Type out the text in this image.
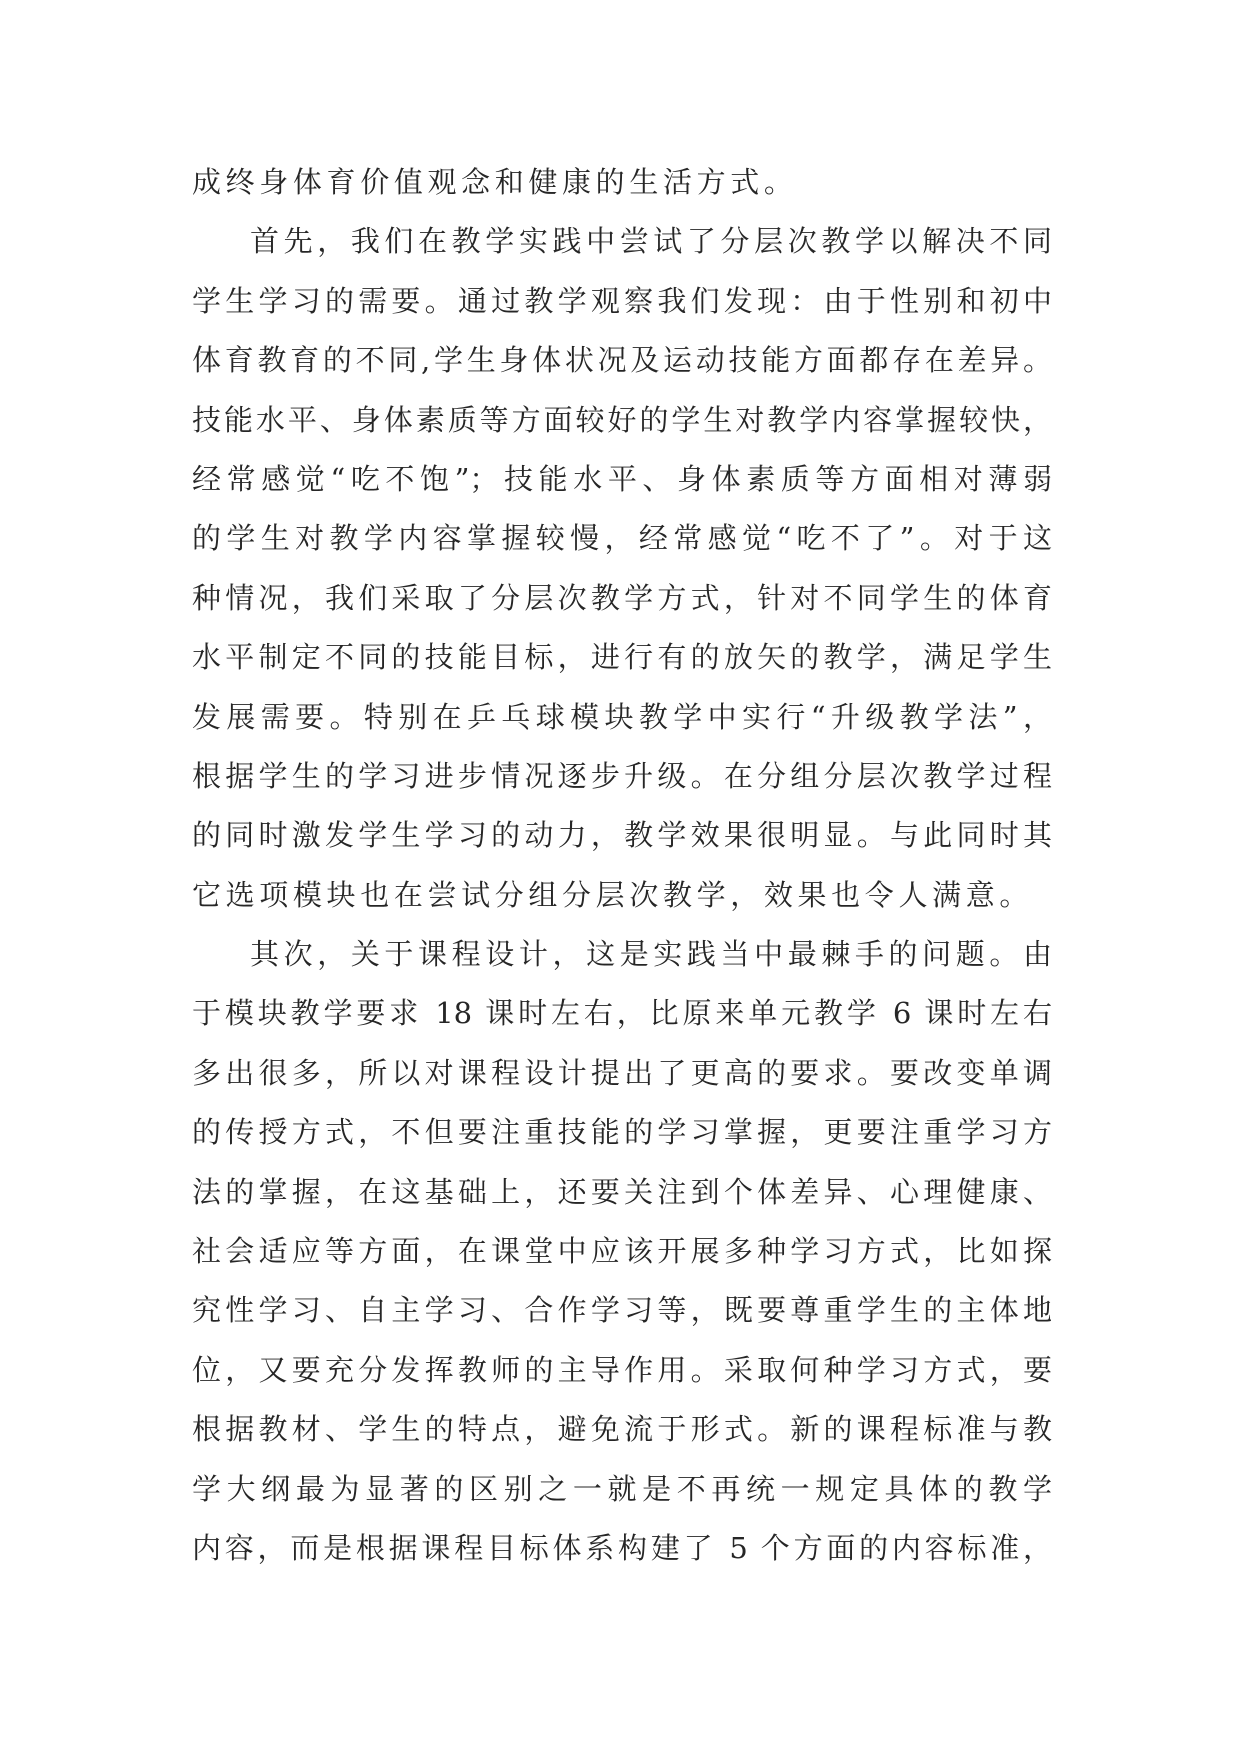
成终身体育价值观念和健康的生活方式。
首先，我们在教学实践中尝试了分层次教学以解决不同
学生学习的需要。通过教学观察我们发现：由于性别和初中
体育教育的不同,学生身体状况及运动技能方面都存在差异。
技能水平、身体素质等方面较好的学生对教学内容掌握较快，
经常感觉“吃不饱”；技能水平、身体素质等方面相对薄弱
的学生对教学内容掌握较慢，经常感觉“吃不了”。对于这
种情况，我们采取了分层次教学方式，针对不同学生的体育
水平制定不同的技能目标，进行有的放矢的教学，满足学生
发展需要。特别在乒乓球模块教学中实行“升级教学法”，
根据学生的学习进步情况逐步升级。在分组分层次教学过程
的同时激发学生学习的动力，教学效果很明显。与此同时其
它选项模块也在尝试分组分层次教学，效果也令人满意。
其次，关于课程设计，这是实践当中最棘手的问题。由
于模块教学要求 18 课时左右，比原来单元教学 6 课时左右
多出很多，所以对课程设计提出了更高的要求。要改变单调
的传授方式，不但要注重技能的学习掌握，更要注重学习方
法的掌握，在这基础上，还要关注到个体差异、心理健康、
社会适应等方面，在课堂中应该开展多种学习方式，比如探
究性学习、自主学习、合作学习等，既要尊重学生的主体地
位，又要充分发挥教师的主导作用。采取何种学习方式，要
根据教材、学生的特点，避免流于形式。新的课程标准与教
学大纲最为显著的区别之一就是不再统一规定具体的教学
内容，而是根据课程目标体系构建了 5 个方面的内容标准，
